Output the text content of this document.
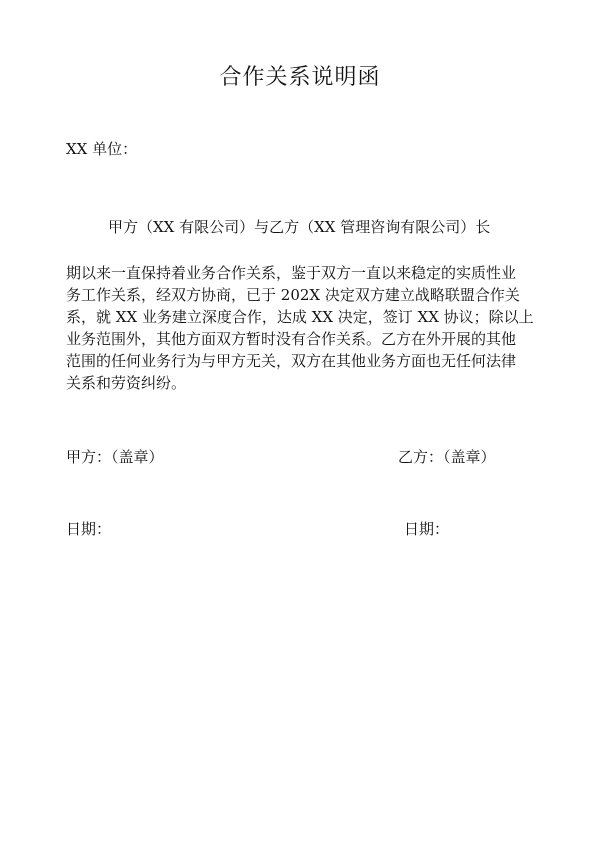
合作关系说明函
XX 单位：
甲方（XX 有限公司）与乙方（XX 管理咨询有限公司）长
期以来一直保持着业务合作关系，鉴于双方一直以来稳定的实质性业
务工作关系，经双方协商，已于 202X 决定双方建立战略联盟合作关
系，就 XX 业务建立深度合作，达成 XX 决定，签订 XX 协议；除以上
业务范围外，其他方面双方暂时没有合作关系。乙方在外开展的其他
范围的任何业务行为与甲方无关，双方在其他业务方面也无任何法律
关系和劳资纠纷。
甲方：（盖章）	乙方：（盖章）
日期：	日期：
